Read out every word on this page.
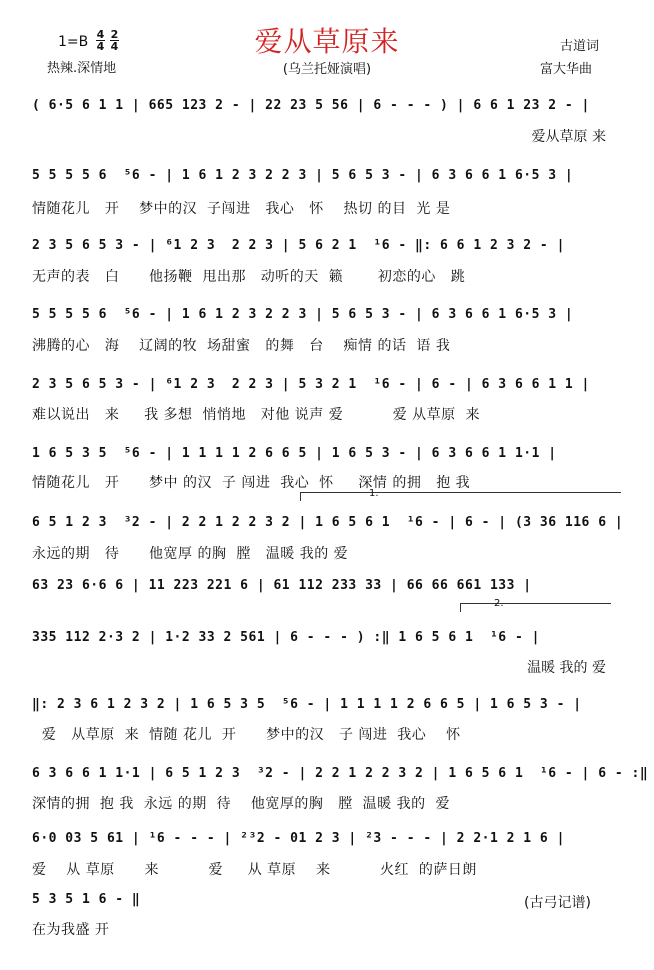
爱从草原来
$1=B \frac{4}{4} \frac{2}{4}$
热辣.深情地	(乌兰托娅演唱)
古道词
富大华曲
( 6·5 6 1 1 | 665 123 2 - | 22 23 5 56 | 6 - - - ) | 6 6 1 23 2 - |
爱从草原 来
5 5 5 5 6  ⁵6 - | 1 6 1 2 3 2 2 3 | 5 6 5 3 - | 6 3 6 6 1 6·5 3 |
情随花儿   开    梦中的汉  子闯进   我心   怀    热切 的目  光 是
2 3 5 6 5 3 - | ⁶1 2 3  2 2 3 | 5 6 2 1  ¹6 - ‖: 6 6 1 2 3 2 - |
无声的表   白      他扬鞭  甩出那   动听的天  籁       初恋的心   跳
5 5 5 5 6  ⁵6 - | 1 6 1 2 3 2 2 3 | 5 6 5 3 - | 6 3 6 6 1 6·5 3 |
沸腾的心   海    辽阔的牧  场甜蜜   的舞   台    痴情 的话  语 我
2 3 5 6 5 3 - | ⁶1 2 3  2 2 3 | 5 3 2 1  ¹6 - | 6 - | 6 3 6 6 1 1 |
难以说出   来     我 多想  悄悄地   对他 说声 爱          爱 从草原  来
1 6 5 3 5  ⁵6 - | 1 1 1 1 2 6 6 5 | 1 6 5 3 - | 6 3 6 6 1 1·1 |
情随花儿   开      梦中 的汉  子 闯进  我心  怀     深情 的拥   抱 我
1.
6 5 1 2 3  ³2 - | 2 2 1 2 2 3 2 | 1 6 5 6 1  ¹6 - | 6 - | (3 36 116 6 |
永远的期   待      他宽厚 的胸  膛   温暖 我的 爱
63 23 6·6 6 | 11 223 221 6 | 61 112 233 33 | 66 66 661 133 |
2.
335 112 2·3 2 | 1·2 33 2 561 | 6 - - - ) :‖ 1 6 5 6 1  ¹6 - |
温暖 我的 爱
‖: 2 3 6 1 2 3 2 | 1 6 5 3 5  ⁵6 - | 1 1 1 1 2 6 6 5 | 1 6 5 3 - |
爱   从草原  来  情随 花儿  开      梦中的汉   子 闯进  我心    怀
6 3 6 6 1 1·1 | 6 5 1 2 3  ³2 - | 2 2 1 2 2 3 2 | 1 6 5 6 1  ¹6 - | 6 - :‖
深情的拥  抱 我  永远 的期  待    他宽厚的胸   膛  温暖 我的  爱
6·0 03 5 61 | ¹6 - - - | ²³2 - 01 2 3 | ²3 - - - | 2 2·1 2 1 6 |
爱    从 草原      来          爱     从 草原    来          火红  的萨日朗
5 3 5 1 6 - ‖
在为我盛 开
(古弓记谱)
